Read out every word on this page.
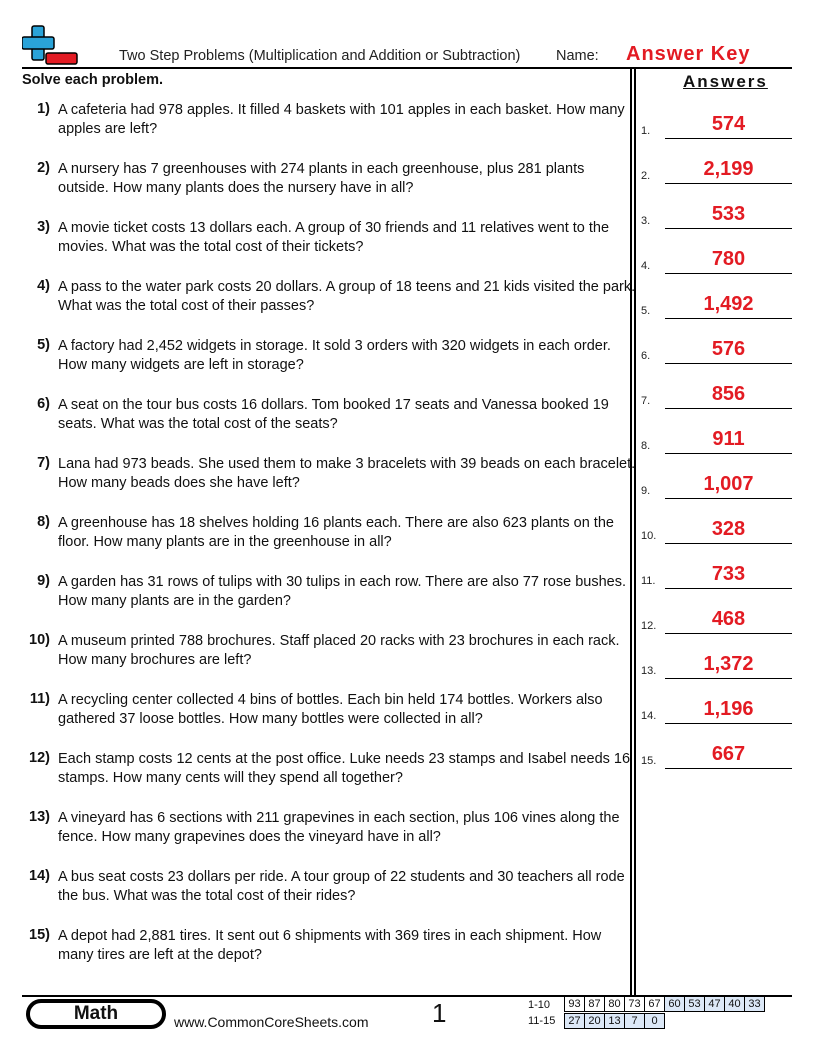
Two Step Problems (Multiplication and Addition or Subtraction) Name: Answer Key
Solve each problem.	Answers
1) A cafeteria had 978 apples. It filled 4 baskets with 101 apples in each basket. How many apples are left?
2) A nursery has 7 greenhouses with 274 plants in each greenhouse, plus 281 plants outside. How many plants does the nursery have in all?
3) A movie ticket costs 13 dollars each. A group of 30 friends and 11 relatives went to the movies. What was the total cost of their tickets?
4) A pass to the water park costs 20 dollars. A group of 18 teens and 21 kids visited the park. What was the total cost of their passes?
5) A factory had 2,452 widgets in storage. It sold 3 orders with 320 widgets in each order. How many widgets are left in storage?
6) A seat on the tour bus costs 16 dollars. Tom booked 17 seats and Vanessa booked 19 seats. What was the total cost of the seats?
7) Lana had 973 beads. She used them to make 3 bracelets with 39 beads on each bracelet. How many beads does she have left?
8) A greenhouse has 18 shelves holding 16 plants each. There are also 623 plants on the floor. How many plants are in the greenhouse in all?
9) A garden has 31 rows of tulips with 30 tulips in each row. There are also 77 rose bushes. How many plants are in the garden?
10) A museum printed 788 brochures. Staff placed 20 racks with 23 brochures in each rack. How many brochures are left?
11) A recycling center collected 4 bins of bottles. Each bin held 174 bottles. Workers also gathered 37 loose bottles. How many bottles were collected in all?
12) Each stamp costs 12 cents at the post office. Luke needs 23 stamps and Isabel needs 16 stamps. How many cents will they spend all together?
13) A vineyard has 6 sections with 211 grapevines in each section, plus 106 vines along the fence. How many grapevines does the vineyard have in all?
14) A bus seat costs 23 dollars per ride. A tour group of 22 students and 30 teachers all rode the bus. What was the total cost of their rides?
15) A depot had 2,881 tires. It sent out 6 shipments with 369 tires in each shipment. How many tires are left at the depot?
1.	574
2.	2,199
3.	533
4.	780
5.	1,492
6.	576
7.	856
8.	911
9.	1,007
10.	328
11.	733
12.	468
13.	1,372
14.	1,196
15.	667
Math	www.CommonCoreSheets.com 1	1-10	93 87 80 73 67 60 53 47 40 33
11-15	27 20 13 7	0
